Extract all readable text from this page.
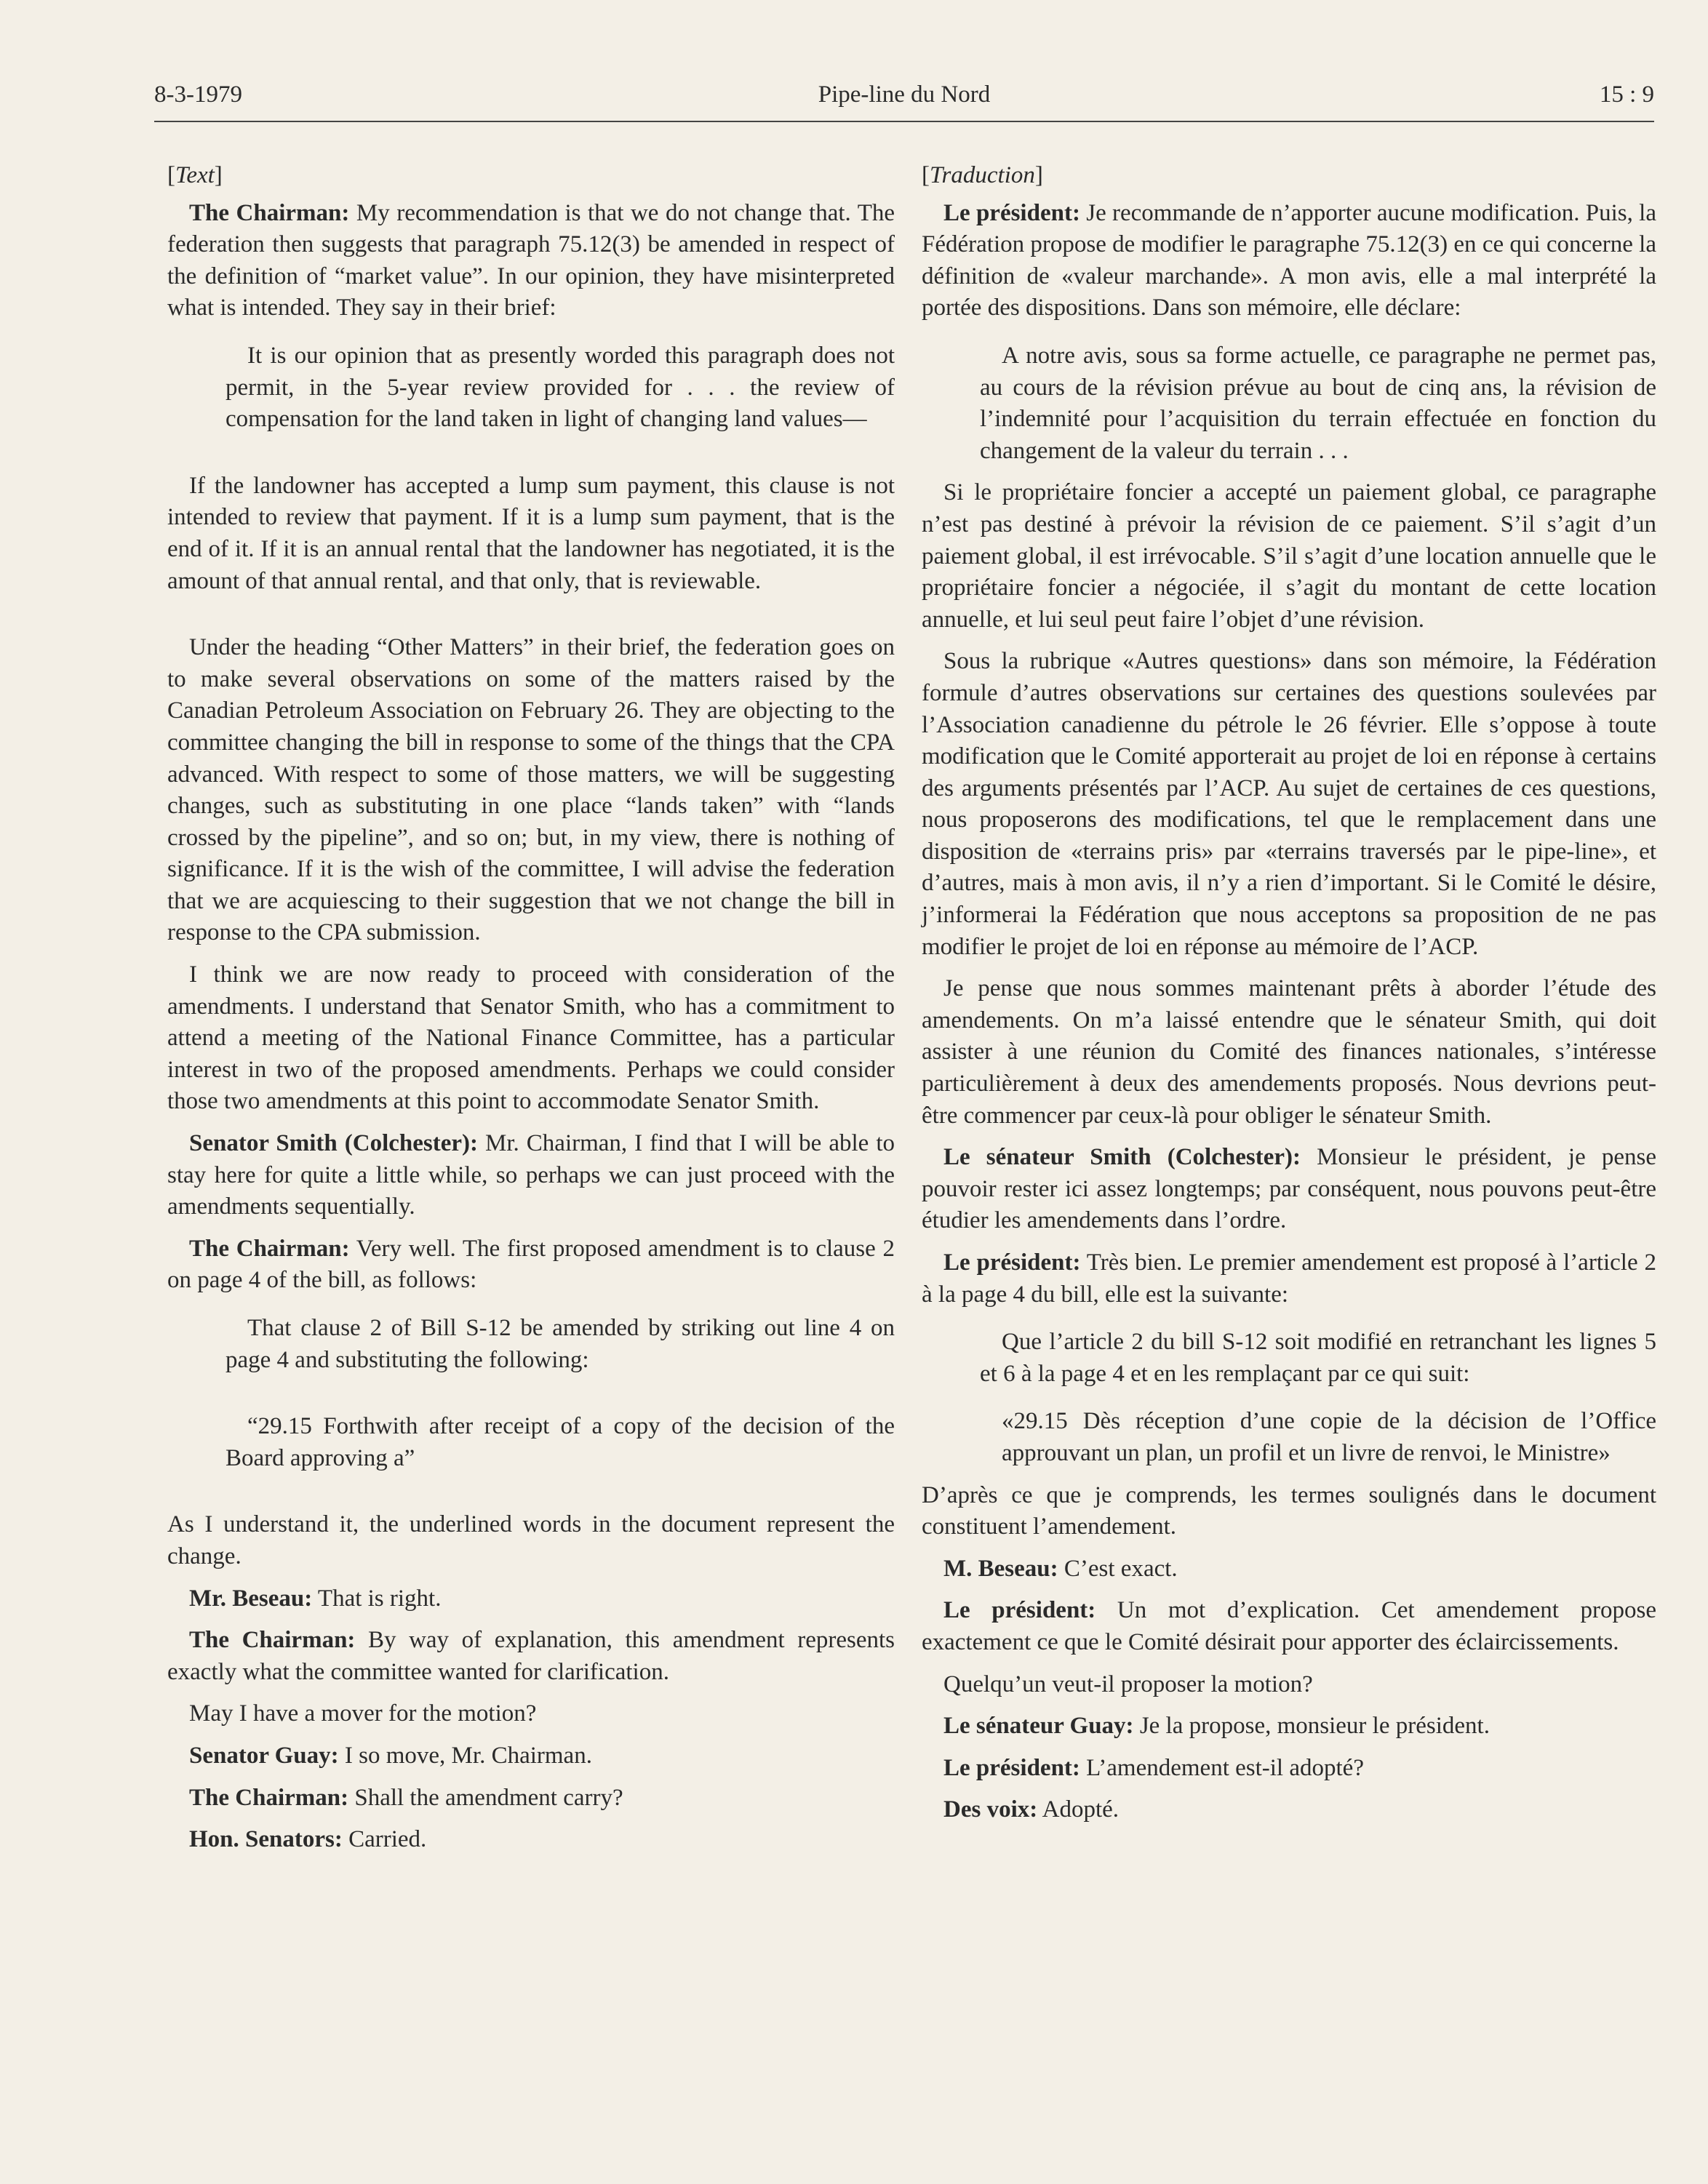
8-3-1979	Pipe-line du Nord	15 : 9

[Text]

The Chairman: My recommendation is that we do not change that. The federation then suggests that paragraph 75.12(3) be amended in respect of the definition of “market value”. In our opinion, they have misinterpreted what is intended. They say in their brief:

It is our opinion that as presently worded this paragraph does not permit, in the 5-year review provided for . . . the review of compensation for the land taken in light of changing land values—

If the landowner has accepted a lump sum payment, this clause is not intended to review that payment. If it is a lump sum payment, that is the end of it. If it is an annual rental that the landowner has negotiated, it is the amount of that annual rental, and that only, that is reviewable.

Under the heading “Other Matters” in their brief, the federation goes on to make several observations on some of the matters raised by the Canadian Petroleum Association on February 26. They are objecting to the committee changing the bill in response to some of the things that the CPA advanced. With respect to some of those matters, we will be suggesting changes, such as substituting in one place “lands taken” with “lands crossed by the pipeline”, and so on; but, in my view, there is nothing of significance. If it is the wish of the committee, I will advise the federation that we are acquiescing to their suggestion that we not change the bill in response to the CPA submission.

I think we are now ready to proceed with consideration of the amendments. I understand that Senator Smith, who has a commitment to attend a meeting of the National Finance Committee, has a particular interest in two of the proposed amendments. Perhaps we could consider those two amendments at this point to accommodate Senator Smith.

Senator Smith (Colchester): Mr. Chairman, I find that I will be able to stay here for quite a little while, so perhaps we can just proceed with the amendments sequentially.

The Chairman: Very well. The first proposed amendment is to clause 2 on page 4 of the bill, as follows:

That clause 2 of Bill S-12 be amended by striking out line 4 on page 4 and substituting the following:

“29.15 Forthwith after receipt of a copy of the decision of the Board approving a”

As I understand it, the underlined words in the document represent the change.

Mr. Beseau: That is right.

The Chairman: By way of explanation, this amendment represents exactly what the committee wanted for clarification.

May I have a mover for the motion?

Senator Guay: I so move, Mr. Chairman.

The Chairman: Shall the amendment carry?

Hon. Senators: Carried.

[Traduction]

Le président: Je recommande de n’apporter aucune modification. Puis, la Fédération propose de modifier le paragraphe 75.12(3) en ce qui concerne la définition de «valeur marchande». A mon avis, elle a mal interprété la portée des dispositions. Dans son mémoire, elle déclare:

A notre avis, sous sa forme actuelle, ce paragraphe ne permet pas, au cours de la révision prévue au bout de cinq ans, la révision de l’indemnité pour l’acquisition du terrain effectuée en fonction du changement de la valeur du terrain . . .

Si le propriétaire foncier a accepté un paiement global, ce paragraphe n’est pas destiné à prévoir la révision de ce paiement. S’il s’agit d’un paiement global, il est irrévocable. S’il s’agit d’une location annuelle que le propriétaire foncier a négociée, il s’agit du montant de cette location annuelle, et lui seul peut faire l’objet d’une révision.

Sous la rubrique «Autres questions» dans son mémoire, la Fédération formule d’autres observations sur certaines des questions soulevées par l’Association canadienne du pétrole le 26 février. Elle s’oppose à toute modification que le Comité apporterait au projet de loi en réponse à certains des arguments présentés par l’ACP. Au sujet de certaines de ces questions, nous proposerons des modifications, tel que le remplacement dans une disposition de «terrains pris» par «terrains traversés par le pipe-line», et d’autres, mais à mon avis, il n’y a rien d’important. Si le Comité le désire, j’informerai la Fédération que nous acceptons sa proposition de ne pas modifier le projet de loi en réponse au mémoire de l’ACP.

Je pense que nous sommes maintenant prêts à aborder l’étude des amendements. On m’a laissé entendre que le sénateur Smith, qui doit assister à une réunion du Comité des finances nationales, s’intéresse particulièrement à deux des amendements proposés. Nous devrions peut-être commencer par ceux-là pour obliger le sénateur Smith.

Le sénateur Smith (Colchester): Monsieur le président, je pense pouvoir rester ici assez longtemps; par conséquent, nous pouvons peut-être étudier les amendements dans l’ordre.

Le président: Très bien. Le premier amendement est proposé à l’article 2 à la page 4 du bill, elle est la suivante:

Que l’article 2 du bill S-12 soit modifié en retranchant les lignes 5 et 6 à la page 4 et en les remplaçant par ce qui suit:

«29.15 Dès réception d’une copie de la décision de l’Office approuvant un plan, un profil et un livre de renvoi, le Ministre»

D’après ce que je comprends, les termes soulignés dans le document constituent l’amendement.

M. Beseau: C’est exact.

Le président: Un mot d’explication. Cet amendement propose exactement ce que le Comité désirait pour apporter des éclaircissements.

Quelqu’un veut-il proposer la motion?

Le sénateur Guay: Je la propose, monsieur le président.

Le président: L’amendement est-il adopté?

Des voix: Adopté.
